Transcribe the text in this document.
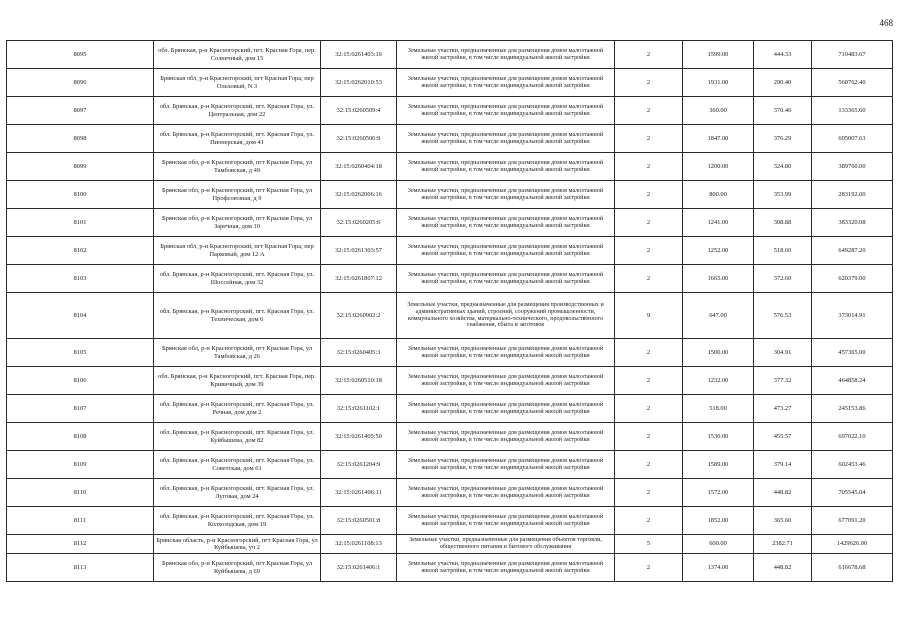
468
8095	обл. Брянская, р-н Красногорский, пгт. Красная Гора, пер. Солнечный, дом 15	32:15:0261403:16	Земельные участки, предназначенные для размещения домов малоэтажной жилой застройки, в том числе индивидуальной жилой застройки	2	1599.00	444.33	710483.67
8096	Брянская обл, р-н Красногорский, пгт Красная Гора, пер Ольховый, N 3	32:15:0262010:53	Земельные участки, предназначенные для размещения домов малоэтажной жилой застройки, в том числе индивидуальной жилой застройки	2	1931.00	290.40	560762.40
8097	обл. Брянская, р-н Красногорский, пгт. Красная Гора, ул. Центральная, дом 22	32:15:0260509:4	Земельные участки, предназначенные для размещения домов малоэтажной жилой застройки, в том числе индивидуальной жилой застройки	2	360.00	370.46	133365.60
8098	обл. Брянская, р-н Красногорский, пгт. Красная Гора, ул. Пионерская, дом 41	32:15:0260506:9	Земельные участки, предназначенные для размещения домов малоэтажной жилой застройки, в том числе индивидуальной жилой застройки	2	1847.00	376.29	695007.63
8099	Брянская обл, р-н Красногорский, пгт Красная Гора, ул Тамбовская, д 49	32:15:0260404:18	Земельные участки, предназначенные для размещения домов малоэтажной жилой застройки, в том числе индивидуальной жилой застройки	2	1200.00	324.80	389760.00
8100	Брянская обл, р-н Красногорский, пгт Красная Гора, ул Профсоюзная, д 9	32:15:0262006:16	Земельные участки, предназначенные для размещения домов малоэтажной жилой застройки, в том числе индивидуальной жилой застройки	2	800.00	353.99	283192.00
8101	Брянская обл, р-н Красногорский, пгт Красная Гора, ул Заречная, дом 10	32:15:0260205:6	Земельные участки, предназначенные для размещения домов малоэтажной жилой застройки, в том числе индивидуальной жилой застройки	2	1241.00	308.88	383320.08
8102	Брянская обл, р-н Красногорский, пгт Красная Гора, пер Парковый, дом 12 А	32:15:0261303:57	Земельные участки, предназначенные для размещения домов малоэтажной жилой застройки, в том числе индивидуальной жилой застройки	2	1252.00	518.60	649287.20
8103	обл. Брянская, р-н Красногорский, пгт. Красная Гора, ул. Шоссейная, дом 32	32:15:0261807:12	Земельные участки, предназначенные для размещения домов малоэтажной жилой застройки, в том числе индивидуальной жилой застройки	2	1665.00	372.60	620379.00
8104	обл. Брянская, р-н Красногорский, пгт. Красная Гора, ул. Техническая, дом 6	32:15:0260902:2	Земельные участки, предназначенные для размещения производственных и административных зданий, строений, сооружений промышленности, коммунального хозяйства, материально-технического, продовольственного снабжения, сбыта и заготовок	9	647.00	576.53	373014.91
8105	Брянская обл, р-н Красногорский, пгт Красная Гора, ул Тамбовская, д 26	32:15:0260405:3	Земельные участки, предназначенные для размещения домов малоэтажной жилой застройки, в том числе индивидуальной жилой застройки	2	1500.00	304.91	457365.00
8106	обл. Брянская, р-н Красногорский, пгт. Красная Гора, пер. Кривичный, дом 39	32:15:0260510:18	Земельные участки, предназначенные для размещения домов малоэтажной жилой застройки, в том числе индивидуальной жилой застройки	2	1232.00	377.32	464858.24
8107	обл. Брянская, р-н Красногорский, пгт. Красная Гора, ул. Речная, дом дом 2	32:15:0261102:1	Земельные участки, предназначенные для размещения домов малоэтажной жилой застройки, в том числе индивидуальной жилой застройки	2	518.00	473.27	245153.86
8108	обл. Брянская, р-н Красногорский, пгт. Красная Гора, ул. Куйбышева, дом 82	32:15:0261405:50	Земельные участки, предназначенные для размещения домов малоэтажной жилой застройки, в том числе индивидуальной жилой застройки	2	1530.00	455.57	697022.10
8109	обл. Брянская, р-н Красногорский, пгт. Красная Гора, ул. Советская, дом 61	32:15:0261204:9	Земельные участки, предназначенные для размещения домов малоэтажной жилой застройки, в том числе индивидуальной жилой застройки	2	1589.00	379.14	602453.46
8110	обл. Брянская, р-н Красногорский, пгт. Красная Гора, ул. Луговая, дом 24	32:15:0261406:11	Земельные участки, предназначенные для размещения домов малоэтажной жилой застройки, в том числе индивидуальной жилой застройки	2	1572.00	448.82	705545.04
8111	обл. Брянская, р-н Красногорский, пгт. Красная Гора, ул. Колхозодская, дом 19	32:15:0260501:8	Земельные участки, предназначенные для размещения домов малоэтажной жилой застройки, в том числе индивидуальной жилой застройки	2	1852.00	365.60	677091.20
8112	Брянская область, р-н Красногорский, пгт Красная Гора, ул Куйбышева, уч 2	32:15:0261108:13	Земельные участки, предназначенные для размещения объектов торговли, общественного питания и бытового обслуживания	5	600.00	2382.71	1429626.00
8113	Брянская обл, р-н Красногорский, пгт Красная Гора, ул Куйбышева, д 69	32:15:0261406:1	Земельные участки, предназначенные для размещения домов малоэтажной жилой застройки, в том числе индивидуальной жилой застройки	2	1374.00	448.82	616678.68
